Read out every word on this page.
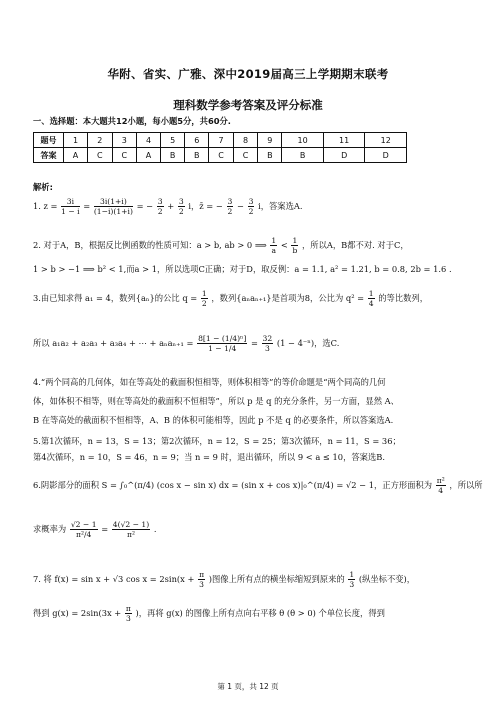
华附、省实、广雅、深中2019届高三上学期期末联考
理科数学参考答案及评分标准
一、选择题：本大题共12小题，每小题5分，共60分.
题号	1	2	3	4	5	6	7	8	9	10	11	12
答案	A	C	C	A	B	B	C	C	B	B	D	D
解析:
1. $z = \frac{3i}{1 - i} = \frac{3i(1+i)}{(1-i)(1+i)}$ = − $\frac{3}{2} + \frac{3}{2}$ i，z̄ = − $\frac{3}{2} - \frac{3}{2}$ i，答案选A.
2. 对于A，B，根据反比例函数的性质可知：a > b, ab > 0 ⟹ $\frac{1}{a} < \frac{1}{b}$ ，所以A，B都不对. 对于C，
1 > b > −1 ⟹ b² < 1,而a > 1，所以选项C正确；对于D，取反例：a = 1.1, a² = 1.21, b = 0.8, 2b = 1.6 .
3.由已知求得 a₁ = 4，数列{aₙ}的公比 $q = \frac{1}{2}$ ，数列{aₙaₙ₊₁}是首项为8，公比为 $q^2 = \frac{1}{4}$ 的等比数列，
所以 a₁a₂ + a₂a₃ + a₃a₄ + ⋯ + $a_na_{n+1} = \frac{\text{8[1 − (1/4)ⁿ]}}{1 - 1/4} = \frac{32}{3} (1 - 4^{-n})$，选C.
4.“两个同高的几何体，如在等高处的截面积恒相等，则体积相等”的等价命题是“两个同高的几何
体，如体积不相等，则在等高处的截面积不恒相等”，所以 p 是 q 的充分条件，另一方面，显然 A、
B 在等高处的截面积不恒相等，A、B 的体积可能相等，因此 p 不是 q 的必要条件，所以答案选A.
5.第1次循环，n = 13，S = 13；第2次循环，n = 12，S = 25；第3次循环，n = 11，S = 36；
第4次循环，n = 10，S = 46，n = 9；当 n = 9 时，退出循环，所以 9 < a ≤ 10，答案选B.
6.阴影部分的面积 S = ∫₀^(π/4) (cos x − sin x) dx = (sin x + cos x)|₀^(π/4) = √2 − 1，正方形面积为 $\frac{\text{π²}}{4}$ ，所以所
求概率为 $\frac{√2 - 1}{\text{π²/4}} = \frac{4(√2 - 1)}{\text{π²}}$ .
7. 将 f(x) = sin x + √3 $\cos x = 2\sin(x + \frac{\pi}{3}$ )图像上所有点的横坐标缩短到原来的 $\frac{1}{3}$ (纵坐标不变)，
得到 $g(x) = 2\sin(3x + \frac{\pi}{3}$ )，再将 g(x) 的图像上所有点向右平移 θ (θ > 0) 个单位长度，得到
第 1 页，共 12 页
